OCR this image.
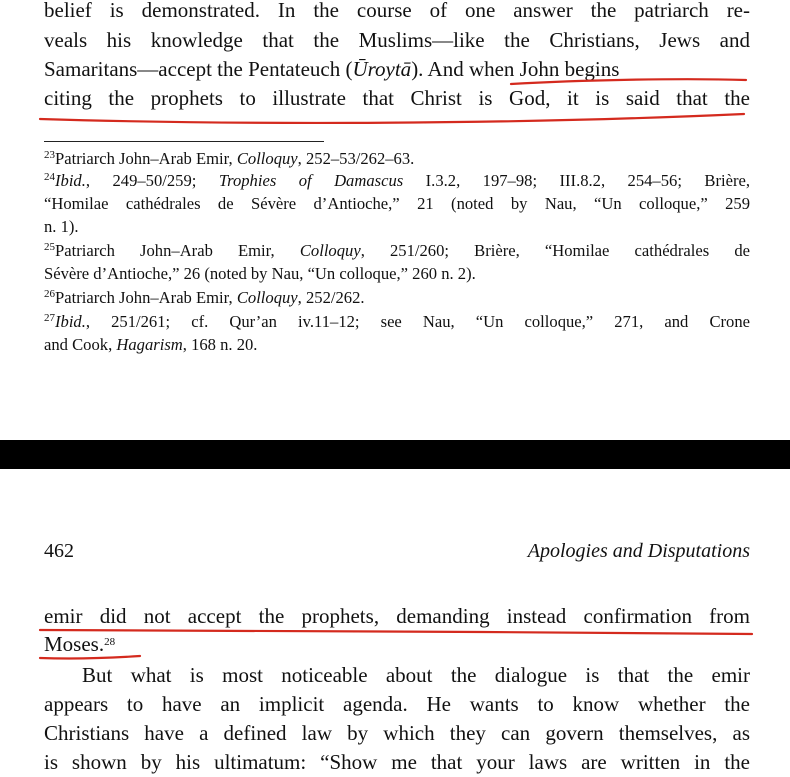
belief is demonstrated. In the course of one answer the patriarch re-
veals his knowledge that the Muslims—like the Christians, Jews and
Samaritans—accept the Pentateuch (Ūroytā). And when John begins
citing the prophets to illustrate that Christ is God, it is said that the
$^{23}$Patriarch John–Arab Emir, Colloquy, 252–53/262–63.
$^{24}$Ibid., 249–50/259; Trophies of Damascus I.3.2, 197–98; III.8.2, 254–56; Brière,
“Homilae cathédrales de Sévère d’Antioche,” 21 (noted by Nau, “Un colloque,” 259
n. 1).
$^{25}$Patriarch John–Arab Emir, Colloquy, 251/260; Brière, “Homilae cathédrales de
Sévère d’Antioche,” 26 (noted by Nau, “Un colloque,” 260 n. 2).
$^{26}$Patriarch John–Arab Emir, Colloquy, 252/262.
$^{27}$Ibid., 251/261; cf. Qur’an iv.11–12; see Nau, “Un colloque,” 271, and Crone
and Cook, Hagarism, 168 n. 20.
462	Apologies and Disputations
emir did not accept the prophets, demanding instead confirmation from
Moses.$^{28}$
But what is most noticeable about the dialogue is that the emir
appears to have an implicit agenda. He wants to know whether the
Christians have a defined law by which they can govern themselves, as
is shown by his ultimatum: “Show me that your laws are written in the
